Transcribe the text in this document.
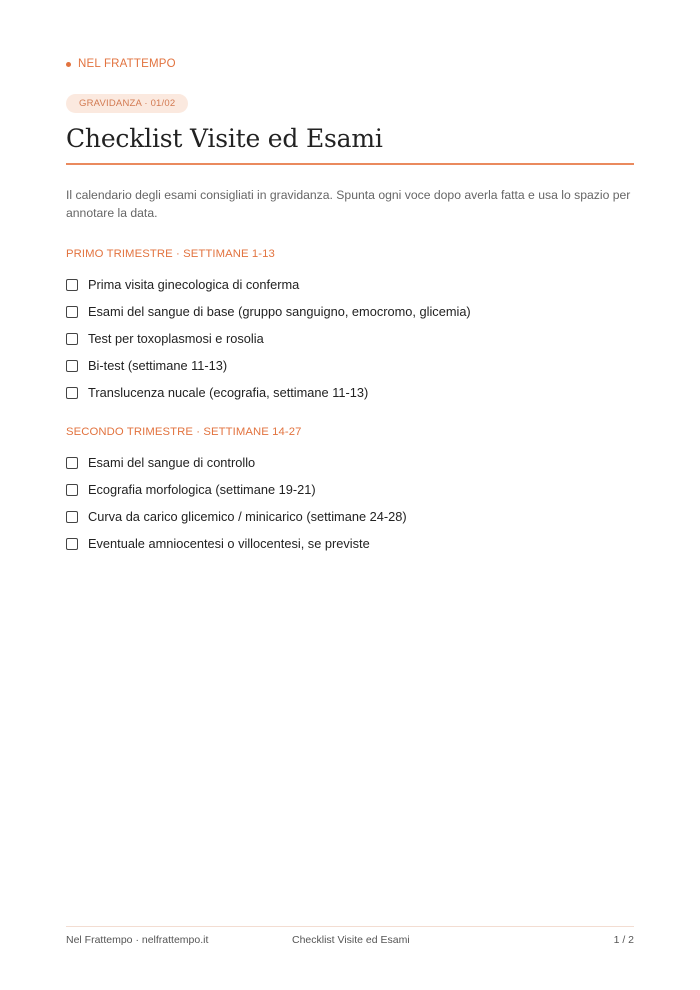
NEL FRATTEMPO
GRAVIDANZA · 01/02
Checklist Visite ed Esami

Il calendario degli esami consigliati in gravidanza. Spunta ogni voce dopo averla fatta e usa lo spazio per annotare la data.

PRIMO TRIMESTRE · SETTIMANE 1-13
Prima visita ginecologica di conferma
Esami del sangue di base (gruppo sanguigno, emocromo, glicemia)
Test per toxoplasmosi e rosolia
Bi-test (settimane 11-13)
Translucenza nucale (ecografia, settimane 11-13)
SECONDO TRIMESTRE · SETTIMANE 14-27
Esami del sangue di controllo
Ecografia morfologica (settimane 19-21)
Curva da carico glicemico / minicarico (settimane 24-28)
Eventuale amniocentesi o villocentesi, se previste
Nel Frattempo · nelfrattempo.it	Checklist Visite ed Esami	1 / 2
